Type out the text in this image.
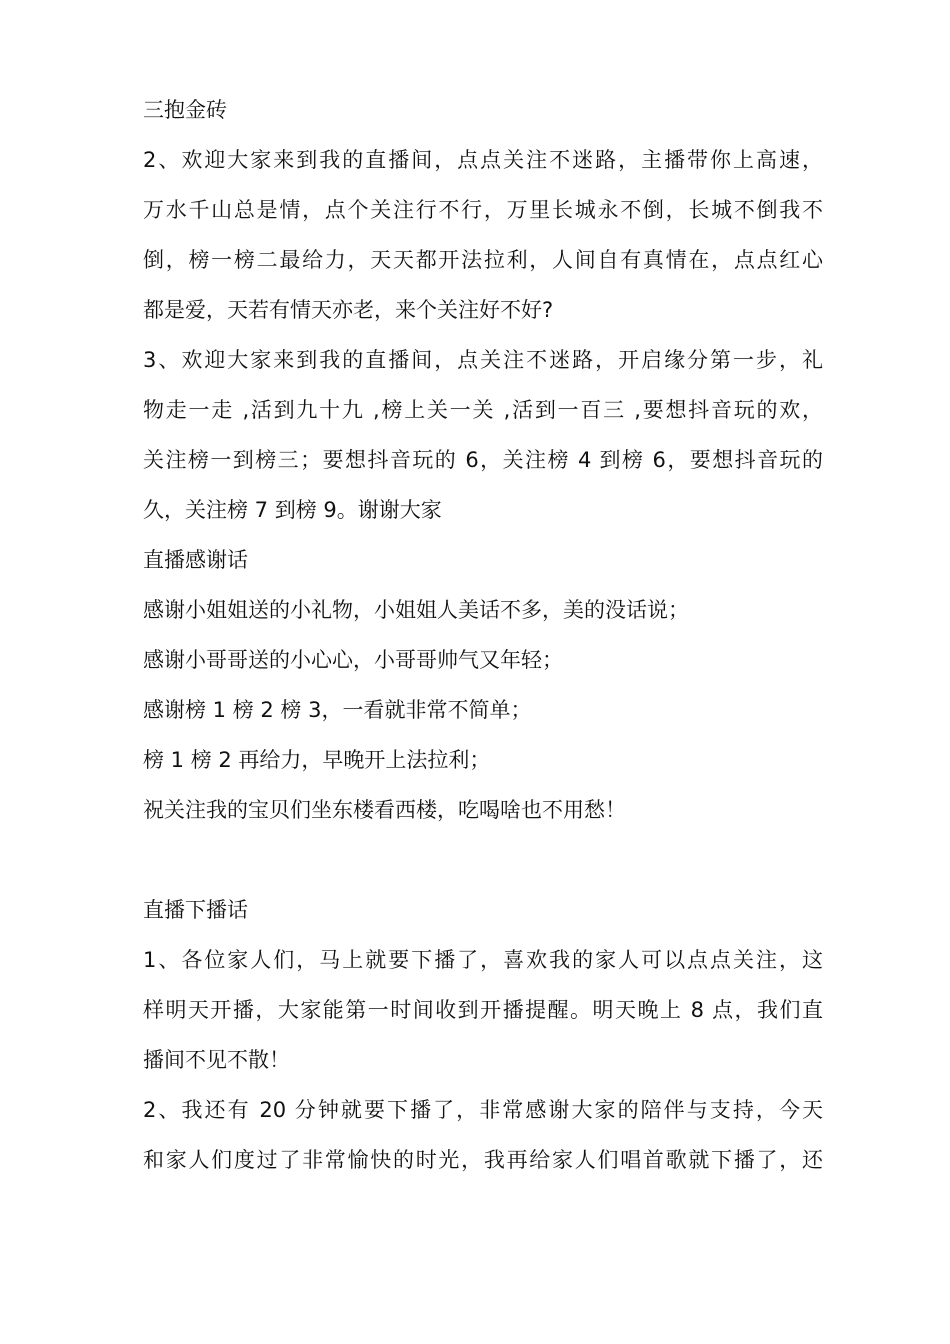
三抱金砖
2、欢迎大家来到我的直播间，点点关注不迷路，主播带你上高速，
万水千山总是情，点个关注行不行，万里长城永不倒，长城不倒我不
倒，榜一榜二最给力，天天都开法拉利，人间自有真情在，点点红心
都是爱，天若有情天亦老，来个关注好不好?
3、欢迎大家来到我的直播间，点关注不迷路，开启缘分第一步，礼
物走一走 ,活到九十九 ,榜上关一关 ,活到一百三 ,要想抖音玩的欢，
关注榜一到榜三；要想抖音玩的 6，关注榜 4 到榜 6，要想抖音玩的
久，关注榜 7 到榜 9。谢谢大家
直播感谢话
感谢小姐姐送的小礼物，小姐姐人美话不多，美的没话说；
感谢小哥哥送的小心心，小哥哥帅气又年轻；
感谢榜 1 榜 2 榜 3，一看就非常不简单；
榜 1 榜 2 再给力，早晚开上法拉利；
祝关注我的宝贝们坐东楼看西楼，吃喝啥也不用愁！
直播下播话
1、各位家人们，马上就要下播了，喜欢我的家人可以点点关注，这
样明天开播，大家能第一时间收到开播提醒。明天晚上 8 点，我们直
播间不见不散！
2、我还有 20 分钟就要下播了，非常感谢大家的陪伴与支持，今天
和家人们度过了非常愉快的时光，我再给家人们唱首歌就下播了，还
